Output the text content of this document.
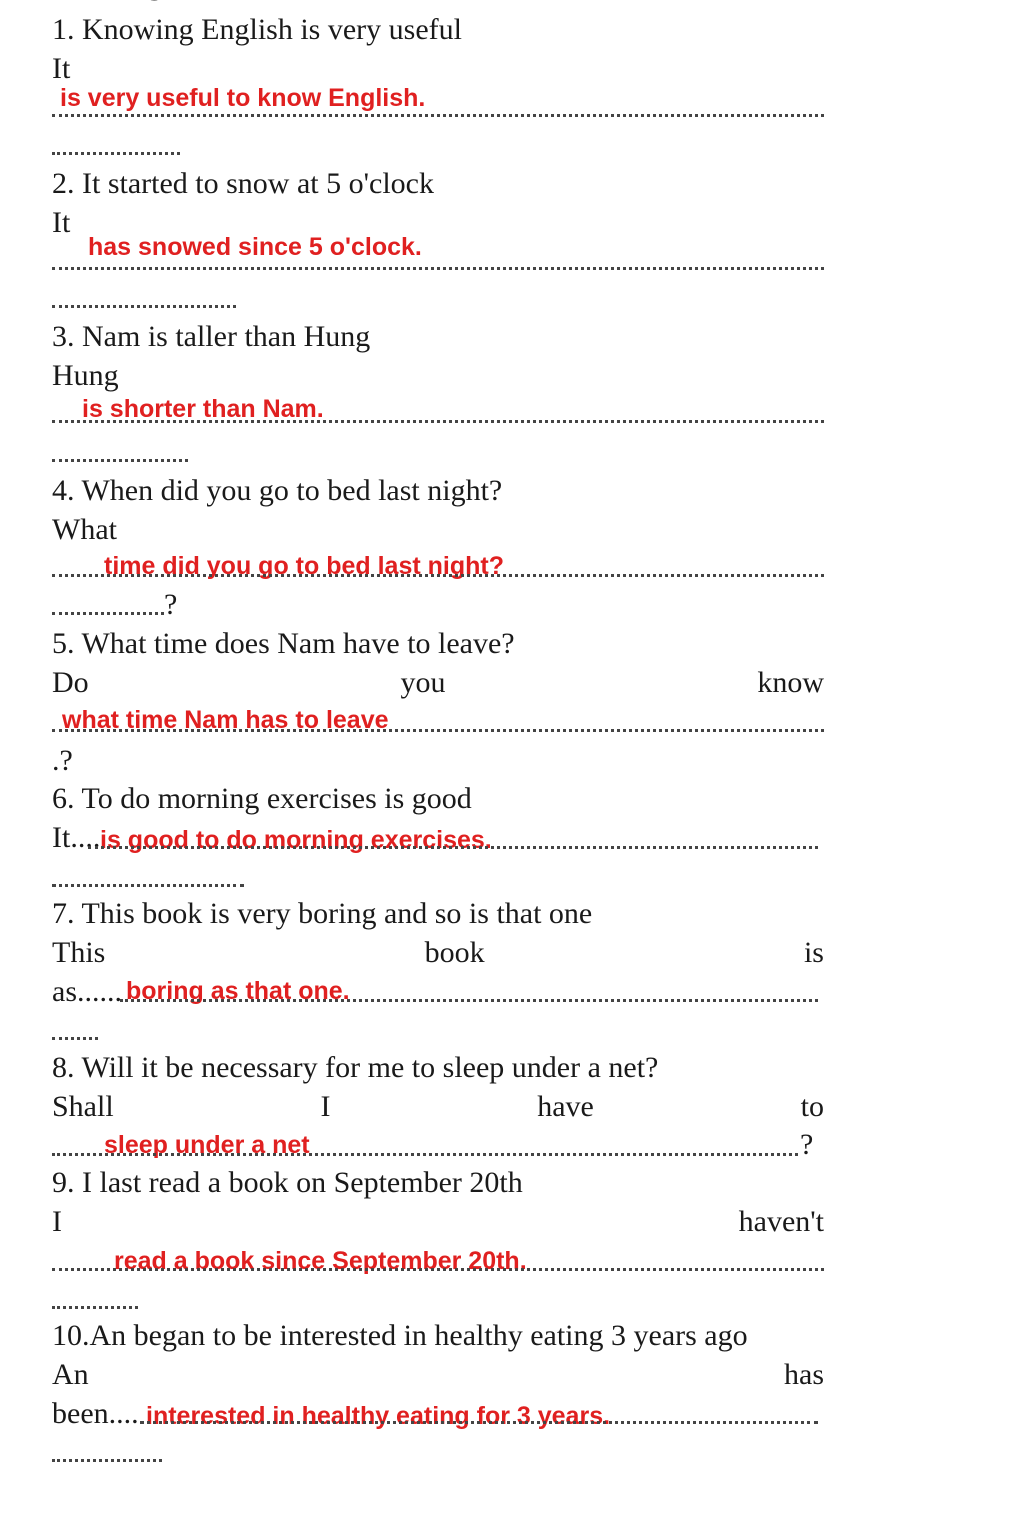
1. Knowing English is very useful
It
is very useful to know English.
2. It started to snow at 5 o'clock
It
has snowed since 5 o'clock.
3. Nam is taller than Hung
Hung
is shorter than Nam.
4. When did you go to bed last night?
What
time did you go to bed last night?
?
5. What time does Nam have to leave?
Do	you	know
what time Nam has to leave
.?
6. To do morning exercises is good
It.... is good to do morning exercises.
7. This book is very boring and so is that one
This	book	is
as...... boring as that one.
8. Will it be necessary for me to sleep under a net?
Shall	I	have	to
sleep under a net	?
9. I last read a book on September 20th
I	haven't
read a book since September 20th.
10.An began to be interested in healthy eating 3 years ago
An	has
been.... interested in healthy eating for 3 years.
